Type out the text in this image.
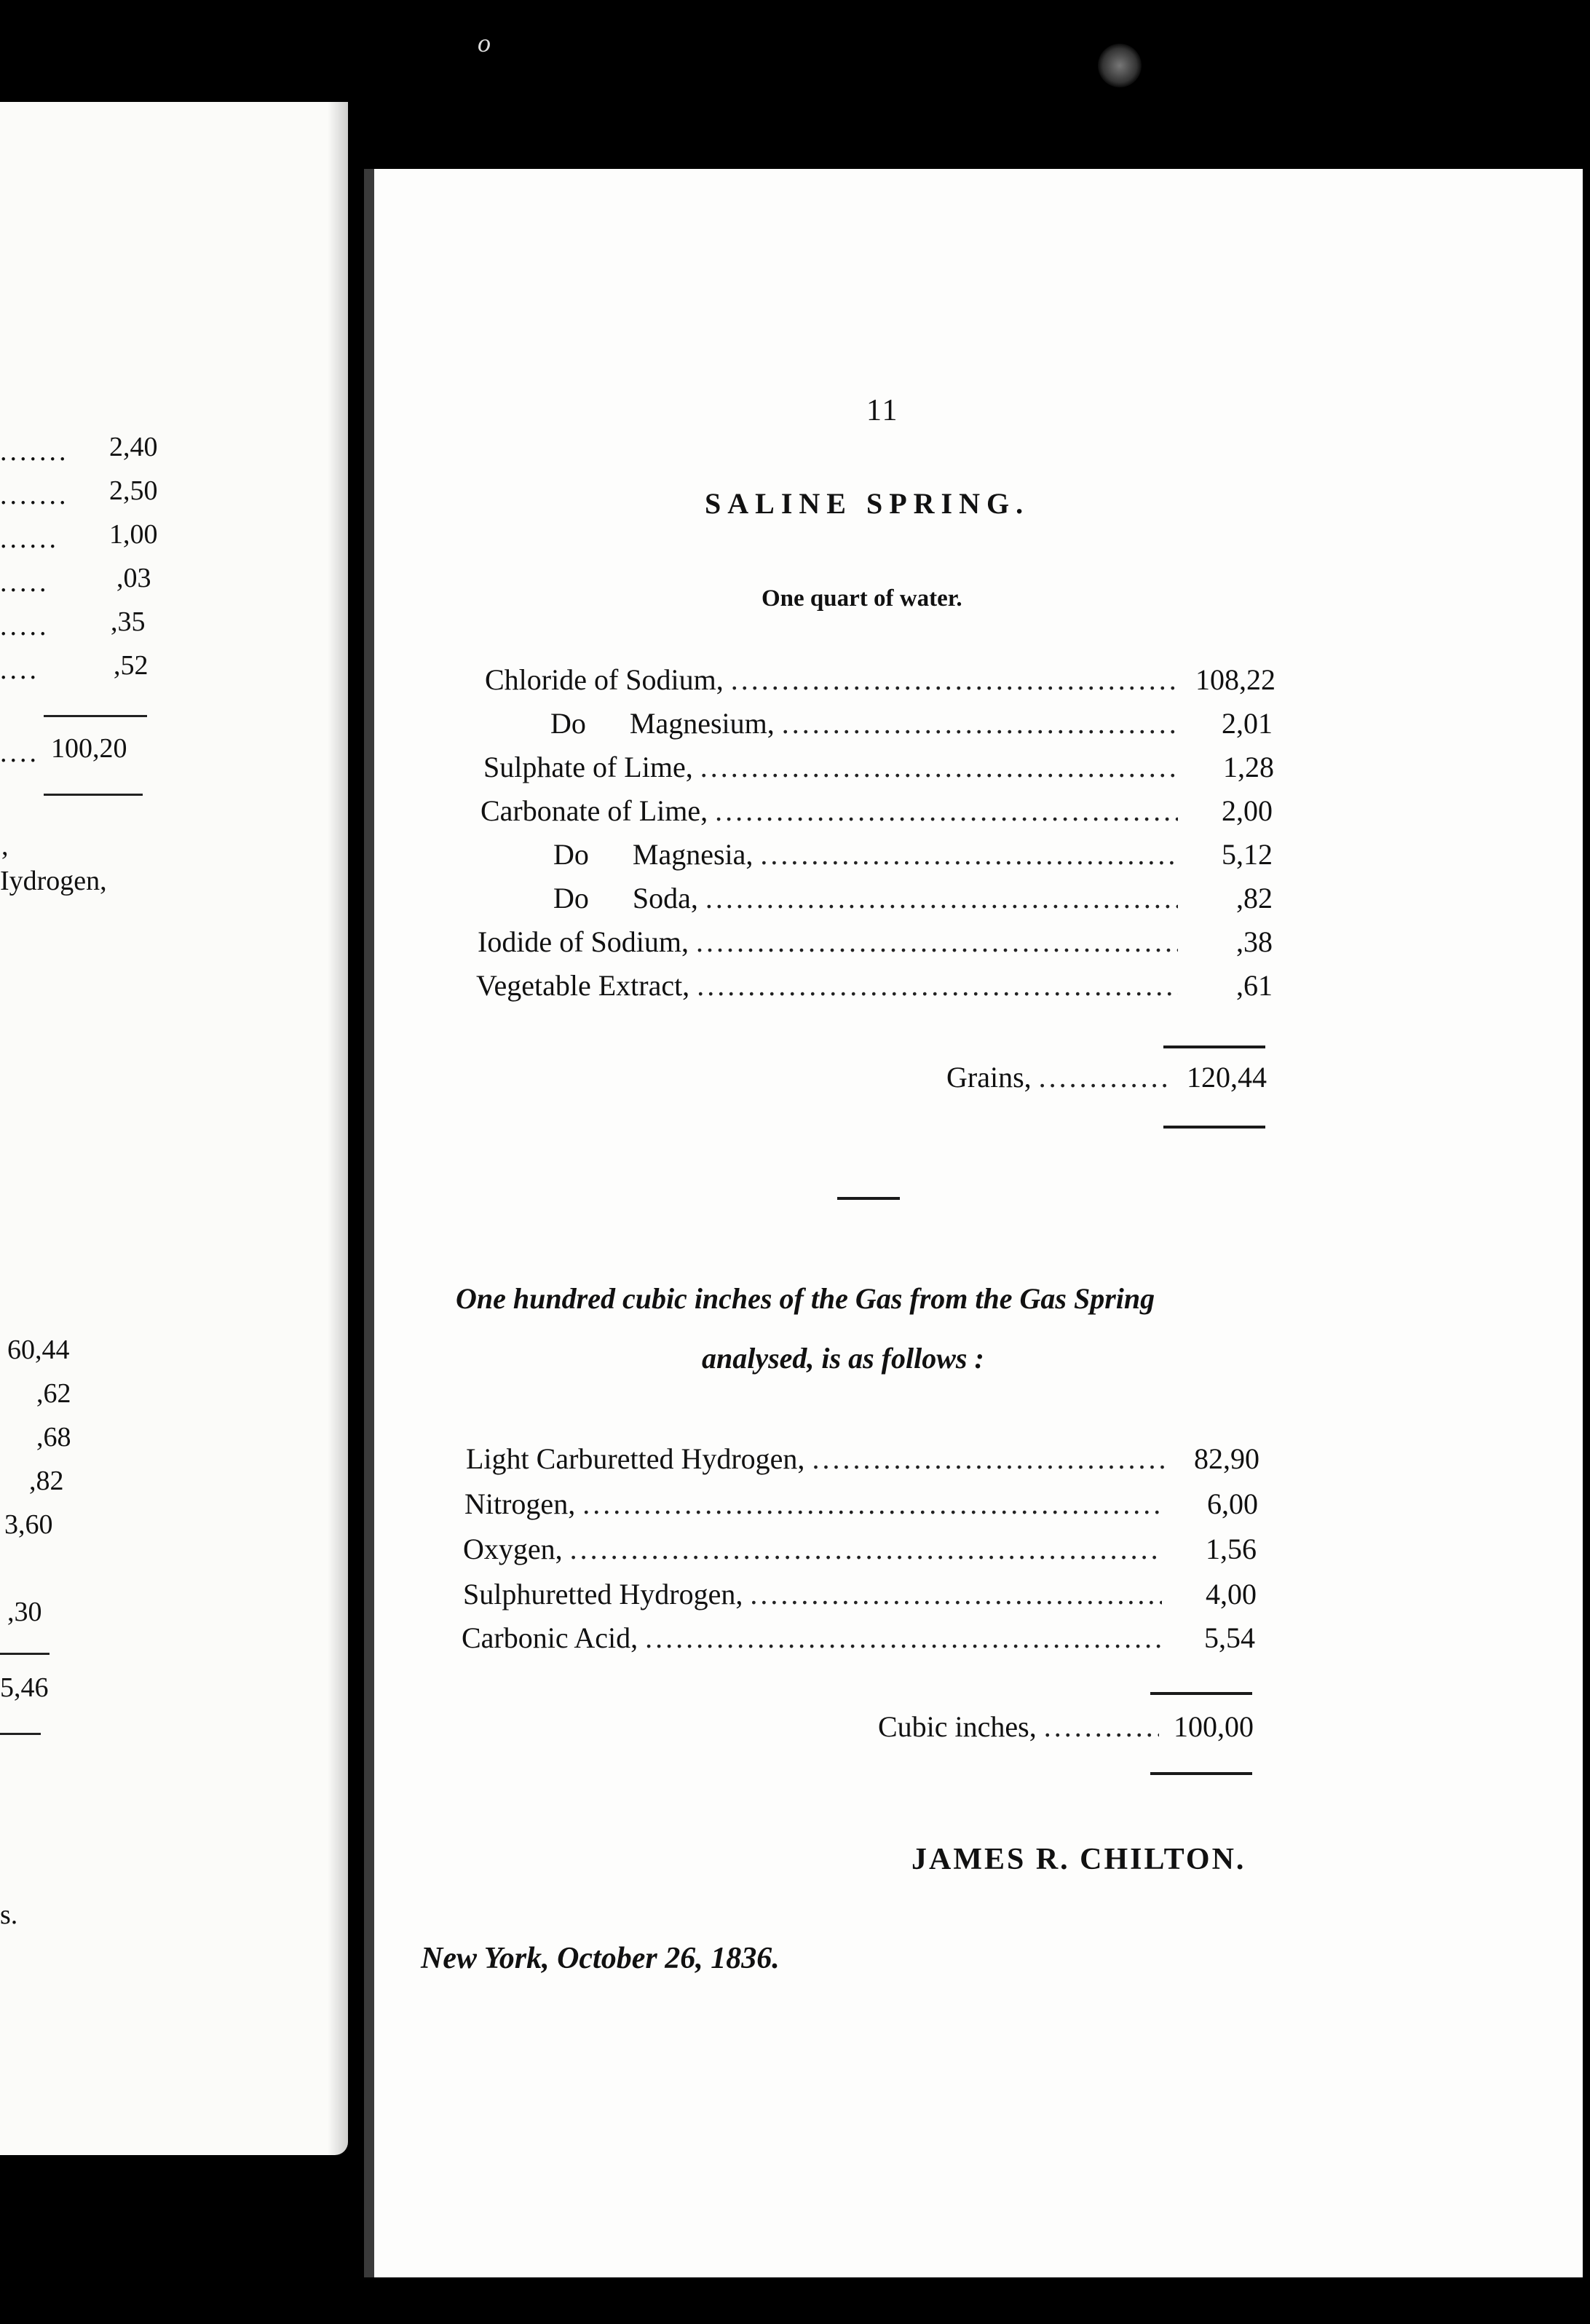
o
....... 2,40
....... 2,50
...... 1,00
..... ,03
..... ,35
....	,52
.... 100,20
,
Iydrogen,
60,44
,62
,68
,82
3,60
,30
5,46
s.
11
SALINE SPRING.
One quart of water.
Chloride of Sodium, .....	108,22
Do      Magnesium, .....	2,01
Sulphate of Lime, .....	1,28
Carbonate of Lime, .....	2,00
Do      Magnesia, .....	5,12
Do      Soda, .....	,82
Iodide of Sodium, .....	,38
Vegetable Extract, .....	,61
Grains, .....	120,44
One hundred cubic inches of the Gas from the Gas Spring
analysed, is as follows :
Light Carburetted Hydrogen, .....	82,90
Nitrogen, .....	6,00
Oxygen, .....	1,56
Sulphuretted Hydrogen, .....	4,00
Carbonic Acid, .....	5,54
Cubic inches, .....	100,00
JAMES R. CHILTON.
New York, October 26, 1836.
